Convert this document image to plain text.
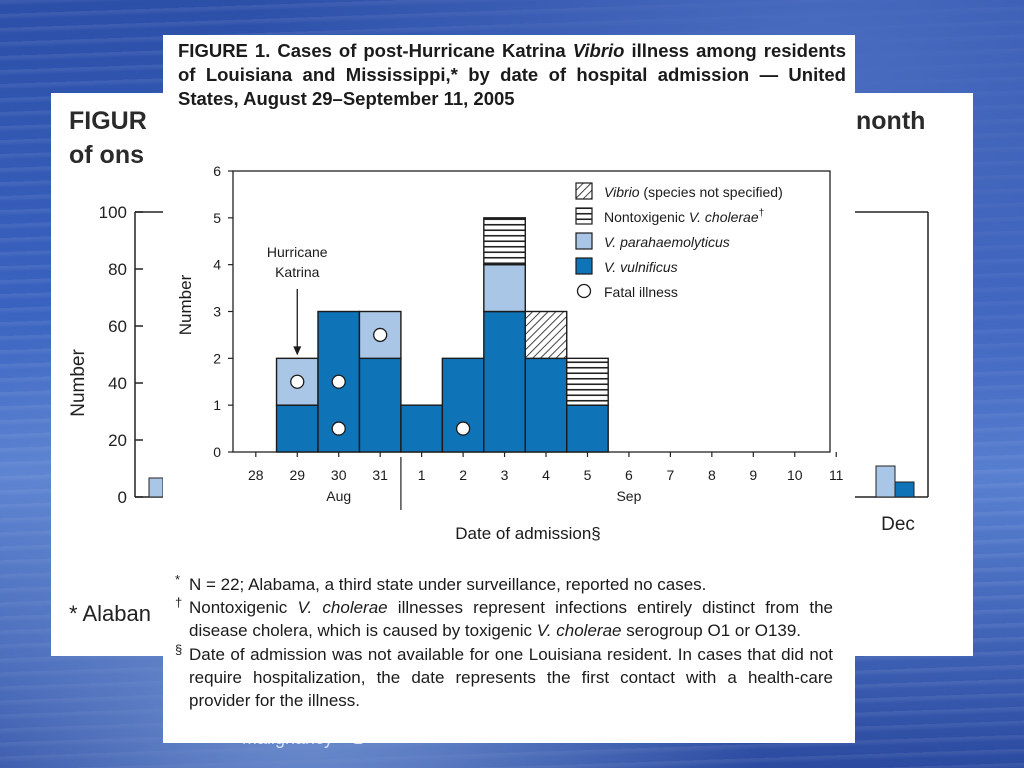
FIGUR
of ons
nonth
Number
100
80
60
40
20
0
Dec
* Alaban
FIGURE 1. Cases of post-Hurricane Katrina Vibrio illness among residents of Louisiana and Mississippi,* by date of hospital admission — United States, August 29–September 11, 2005
0
1
2
3
4
5
6
28 29 30 31 1 2 3 4 5 6 7 8 9 10 11
Aug	Sep
Hurricane
Katrina
Vibrio (species not specified)
Nontoxigenic V. cholerae†
V. parahaemolyticus
V. vulnificus
Fatal illness
Number
Date of admission§
* N = 22; Alabama, a third state under surveillance, reported no cases.
† Nontoxigenic V. cholerae illnesses represent infections entirely distinct from the disease cholera, which is caused by toxigenic V. cholerae serogroup O1 or O139.
§ Date of admission was not available for one Louisiana resident. In cases that did not require hospitalization, the date represents the first contact with a health-care provider for the illness.
